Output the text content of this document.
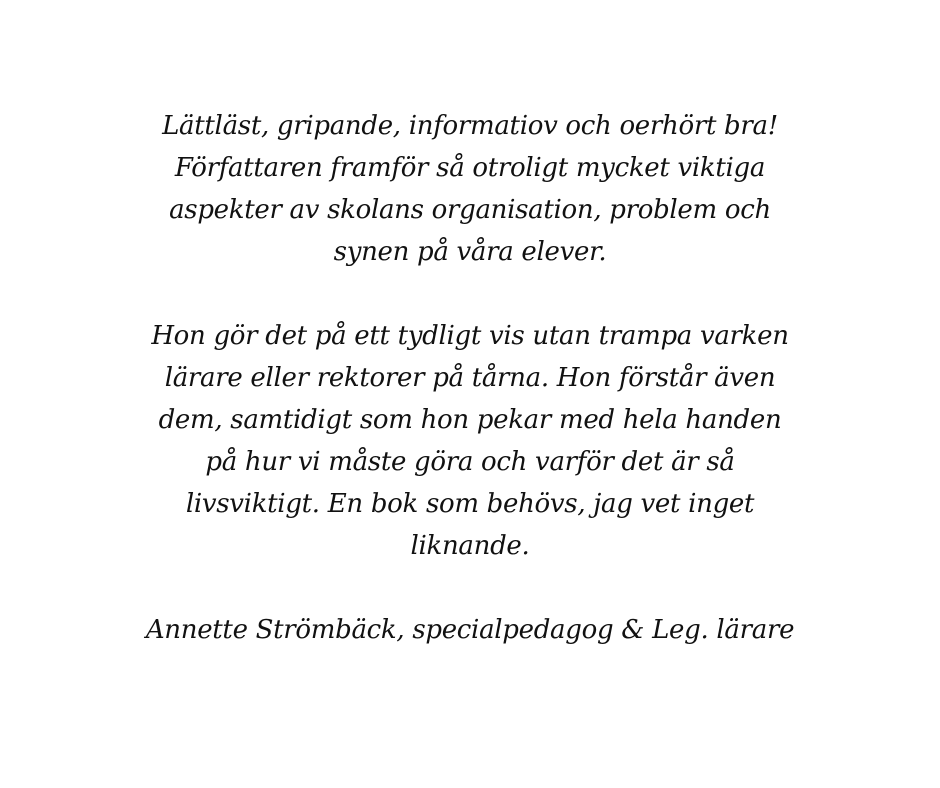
Lättläst, gripande, informatiov och oerhört bra!
Författaren framför så otroligt mycket viktiga
aspekter av skolans organisation, problem och
synen på våra elever.

Hon gör det på ett tydligt vis utan trampa varken
lärare eller rektorer på tårna. Hon förstår även
dem, samtidigt som hon pekar med hela handen
på hur vi måste göra och varför det är så
livsviktigt. En bok som behövs, jag vet inget
liknande.

Annette Strömbäck, specialpedagog & Leg. lärare
